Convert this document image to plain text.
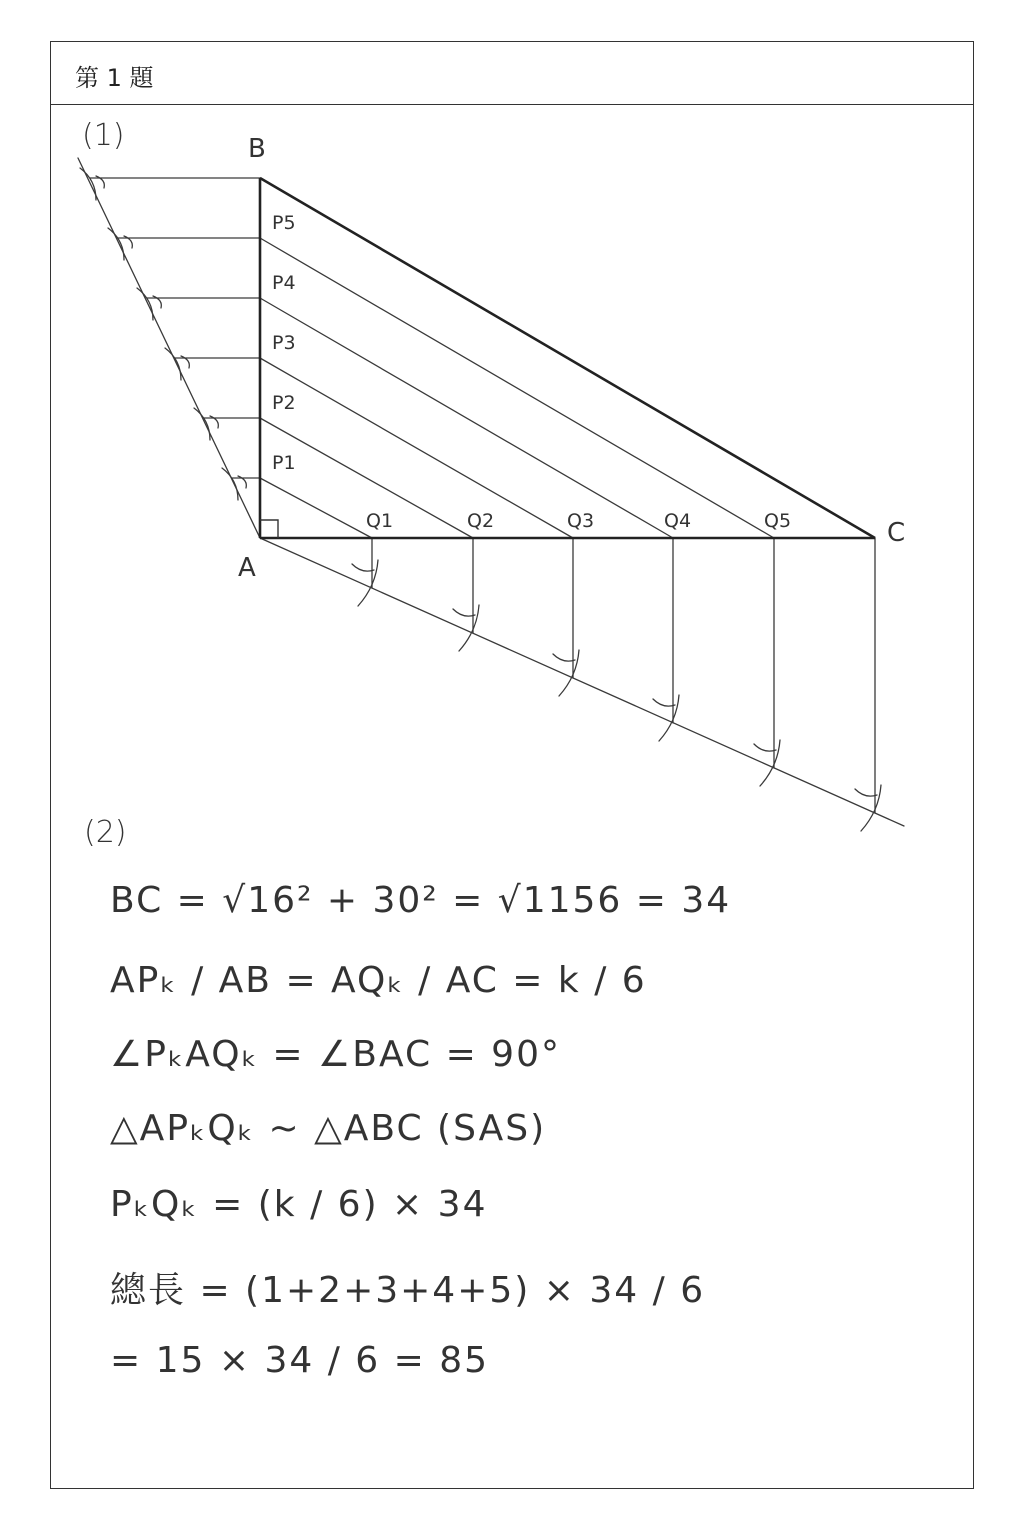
第 1 題
(1)	B
A
C
P1
P2
P3
P4
P5
Q1	Q2	Q3	Q4	Q5
(2)
BC = √16² + 30² = √1156 = 34
APₖ / AB = AQₖ / AC = k / 6
∠PₖAQₖ = ∠BAC = 90°
△APₖQₖ ~ △ABC (SAS)
PₖQₖ = (k / 6) × 34
總長 = (1+2+3+4+5) × 34 / 6
= 15 × 34 / 6 = 85
